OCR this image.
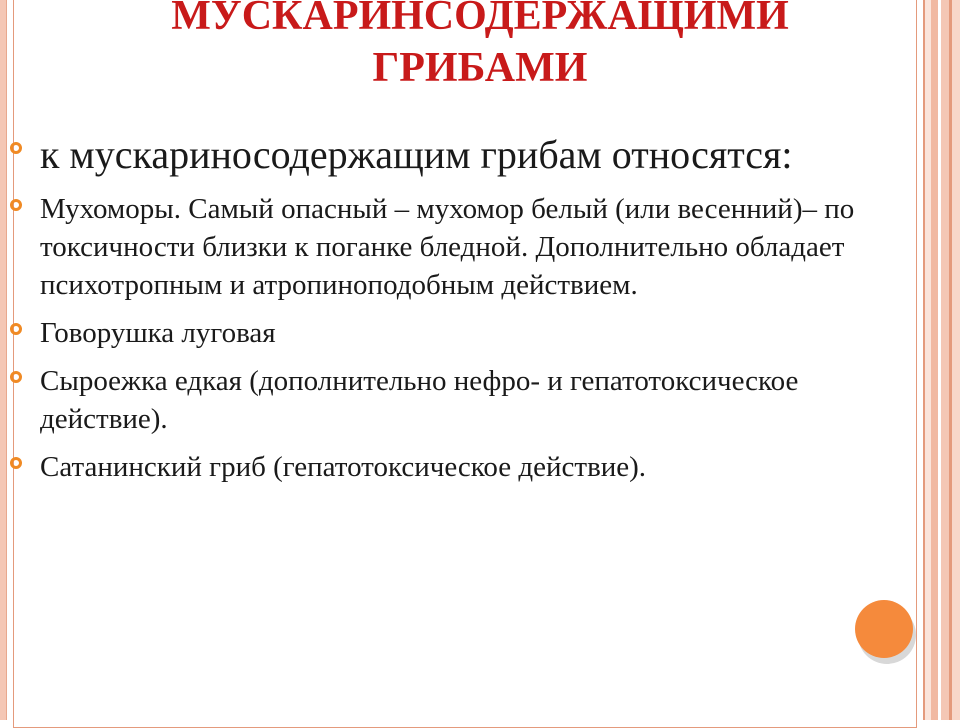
МУСКАРИНСОДЕРЖАЩИМИ
ГРИБАМИ
к мускариносодержащим грибам относятся:
Мухоморы. Самый опасный – мухомор белый (или весенний)– по токсичности близки к поганке бледной. Дополнительно обладает психотропным и атропиноподобным действием.
Говорушка луговая
Сыроежка едкая (дополнительно нефро- и гепатотоксическое действие).
Сатанинский гриб (гепатотоксическое действие).
